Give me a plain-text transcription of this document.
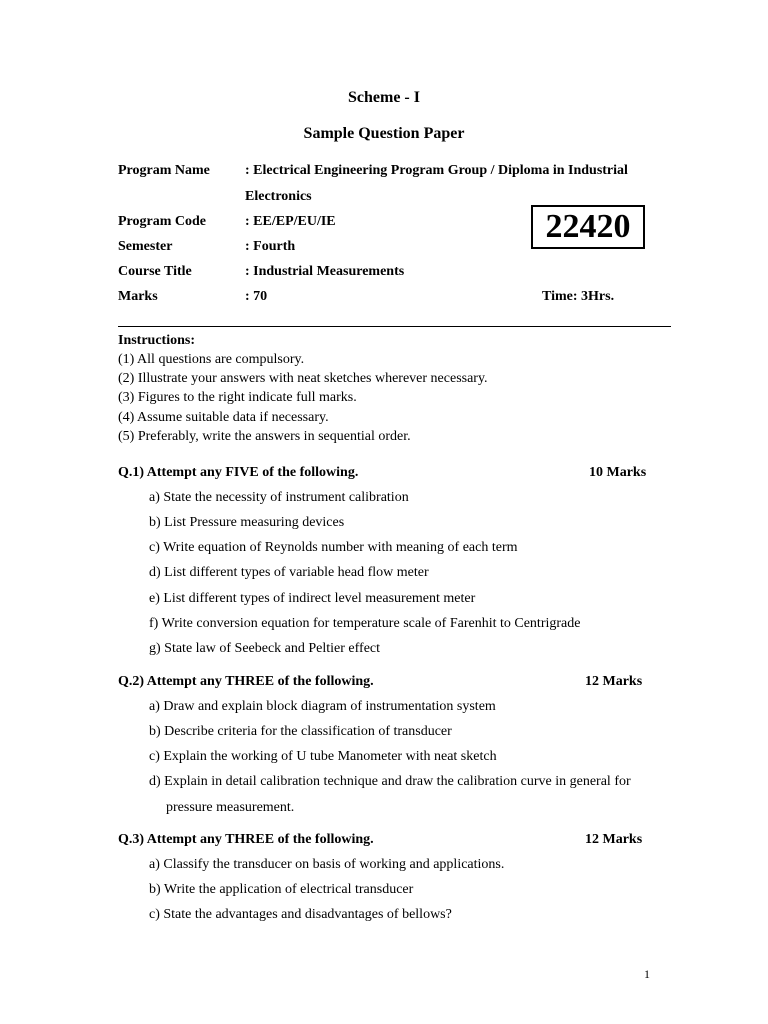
Scheme - I
Sample Question Paper
Program Name	: Electrical Engineering Program Group / Diploma in Industrial
Electronics
Program Code	: EE/EP/EU/IE	22420
Semester	: Fourth
Course Title	: Industrial Measurements
Marks	: 70	Time: 3Hrs.
Instructions:
(1) All questions are compulsory.
(2) Illustrate your answers with neat sketches wherever necessary.
(3) Figures to the right indicate full marks.
(4) Assume suitable data if necessary.
(5) Preferably, write the answers in sequential order.
Q.1) Attempt any FIVE of the following.	10 Marks
a) State the necessity of instrument calibration
b) List Pressure measuring devices
c) Write equation of Reynolds number with meaning of each term
d) List different types of variable head flow meter
e) List different types of indirect level measurement meter
f) Write conversion equation for temperature scale of Farenhit to Centrigrade
g) State law of Seebeck and Peltier effect
Q.2) Attempt any THREE of the following.	12 Marks
a) Draw and explain block diagram of instrumentation system
b) Describe criteria for the classification of transducer
c) Explain the working of U tube Manometer with neat sketch
d) Explain in detail calibration technique and draw the calibration curve in general for
pressure measurement.
Q.3) Attempt any THREE of the following.	12 Marks
a) Classify the transducer on basis of working and applications.
b) Write the application of electrical transducer
c) State the advantages and disadvantages of bellows?
1
